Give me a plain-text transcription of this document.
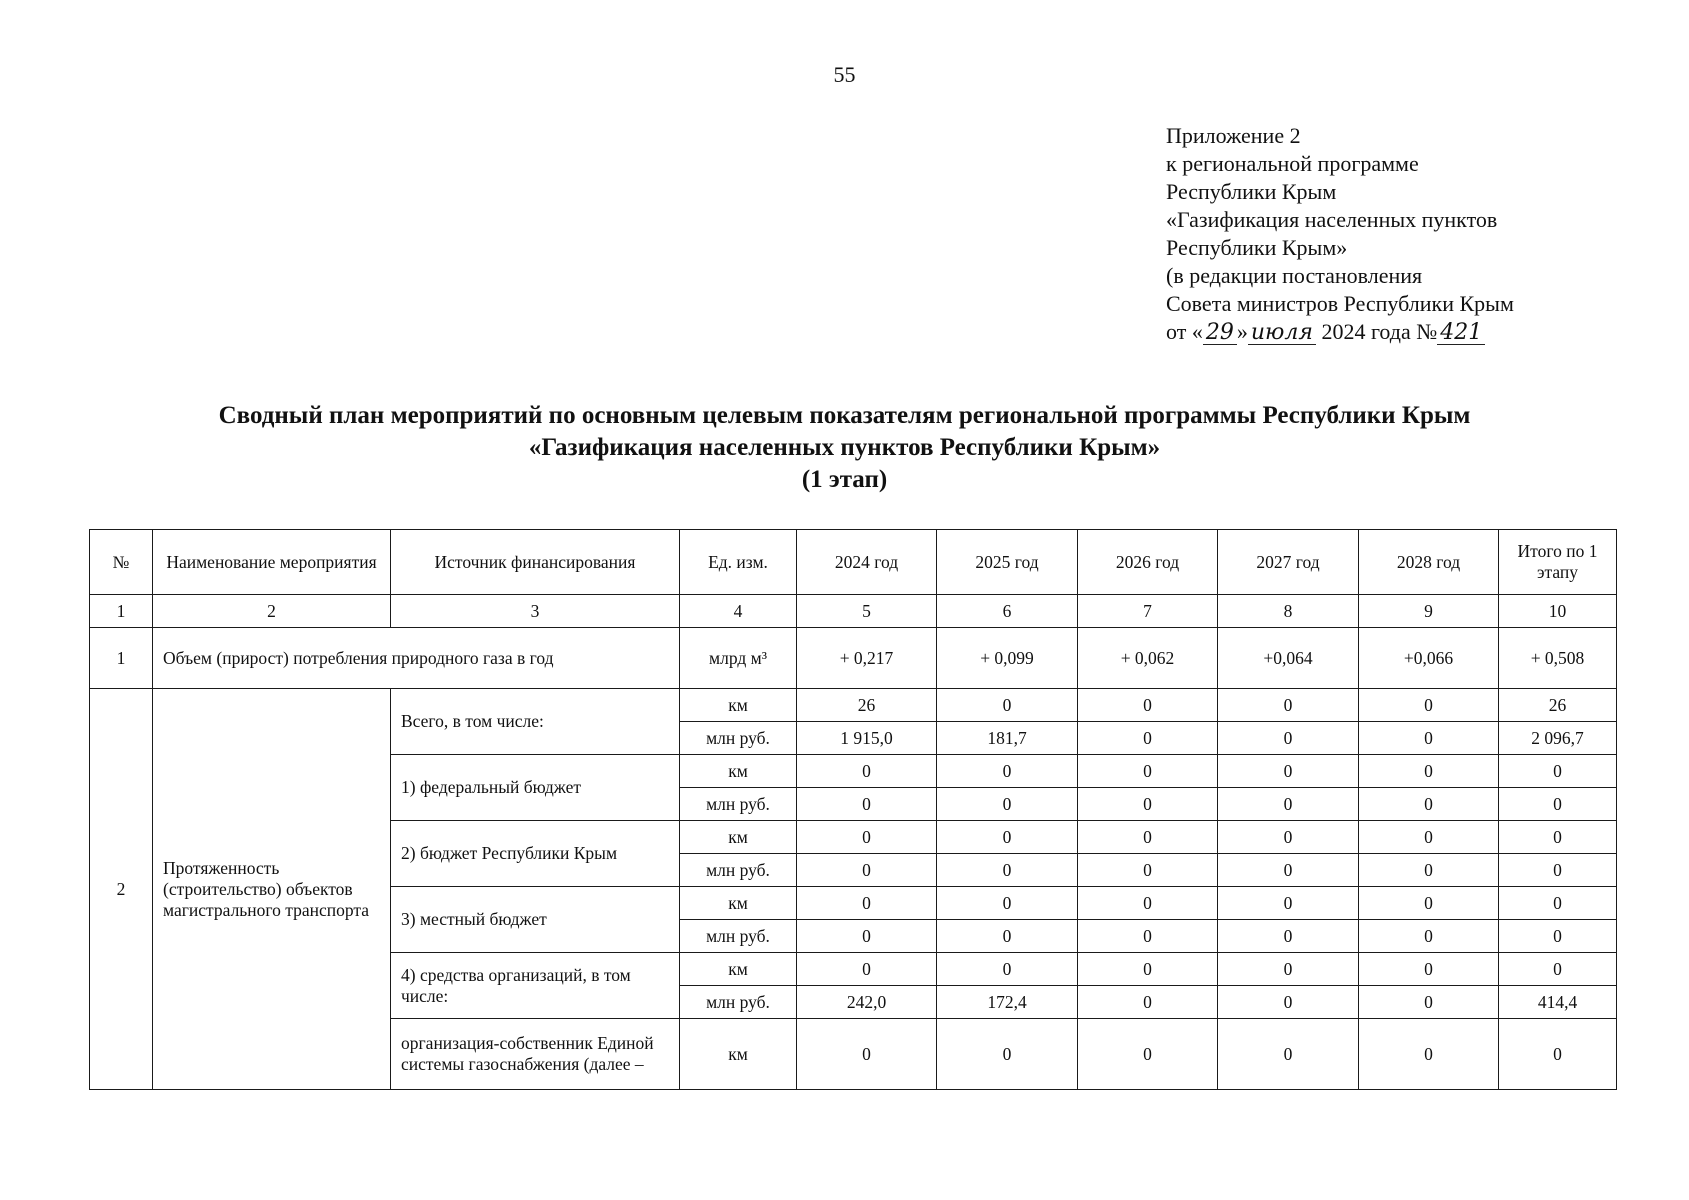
55
Приложение 2
к региональной программе
Республики Крым
«Газификация населенных пунктов
Республики Крым»
(в редакции постановления
Совета министров Республики Крым
от « 29 » июля 2024 года № 421
Сводный план мероприятий по основным целевым показателям региональной программы Республики Крым
«Газификация населенных пунктов Республики Крым»
(1 этап)
№	Наименование мероприятия	Источник финансирования	Ед. изм.	2024 год	2025 год	2026 год	2027 год	2028 год	Итого по 1 этапу
1	2	3	4	5	6	7	8	9	10
1	Объем (прирост) потребления природного газа в год		млрд м³	+ 0,217	+ 0,099	+ 0,062	+0,064	+0,066	+ 0,508
2	Протяженность (строительство) объектов магистрального транспорта	Всего, в том числе:	км	26	0	0	0	0	26
			млн руб.	1 915,0	181,7	0	0	0	2 096,7
		1) федеральный бюджет	км	0	0	0	0	0	0
			млн руб.	0	0	0	0	0	0
		2) бюджет Республики Крым	км	0	0	0	0	0	0
			млн руб.	0	0	0	0	0	0
		3) местный бюджет	км	0	0	0	0	0	0
			млн руб.	0	0	0	0	0	0
		4) средства организаций, в том числе:	км	0	0	0	0	0	0
			млн руб.	242,0	172,4	0	0	0	414,4
		организация-собственник Единой системы газоснабжения (далее –	км	0	0	0	0	0	0
